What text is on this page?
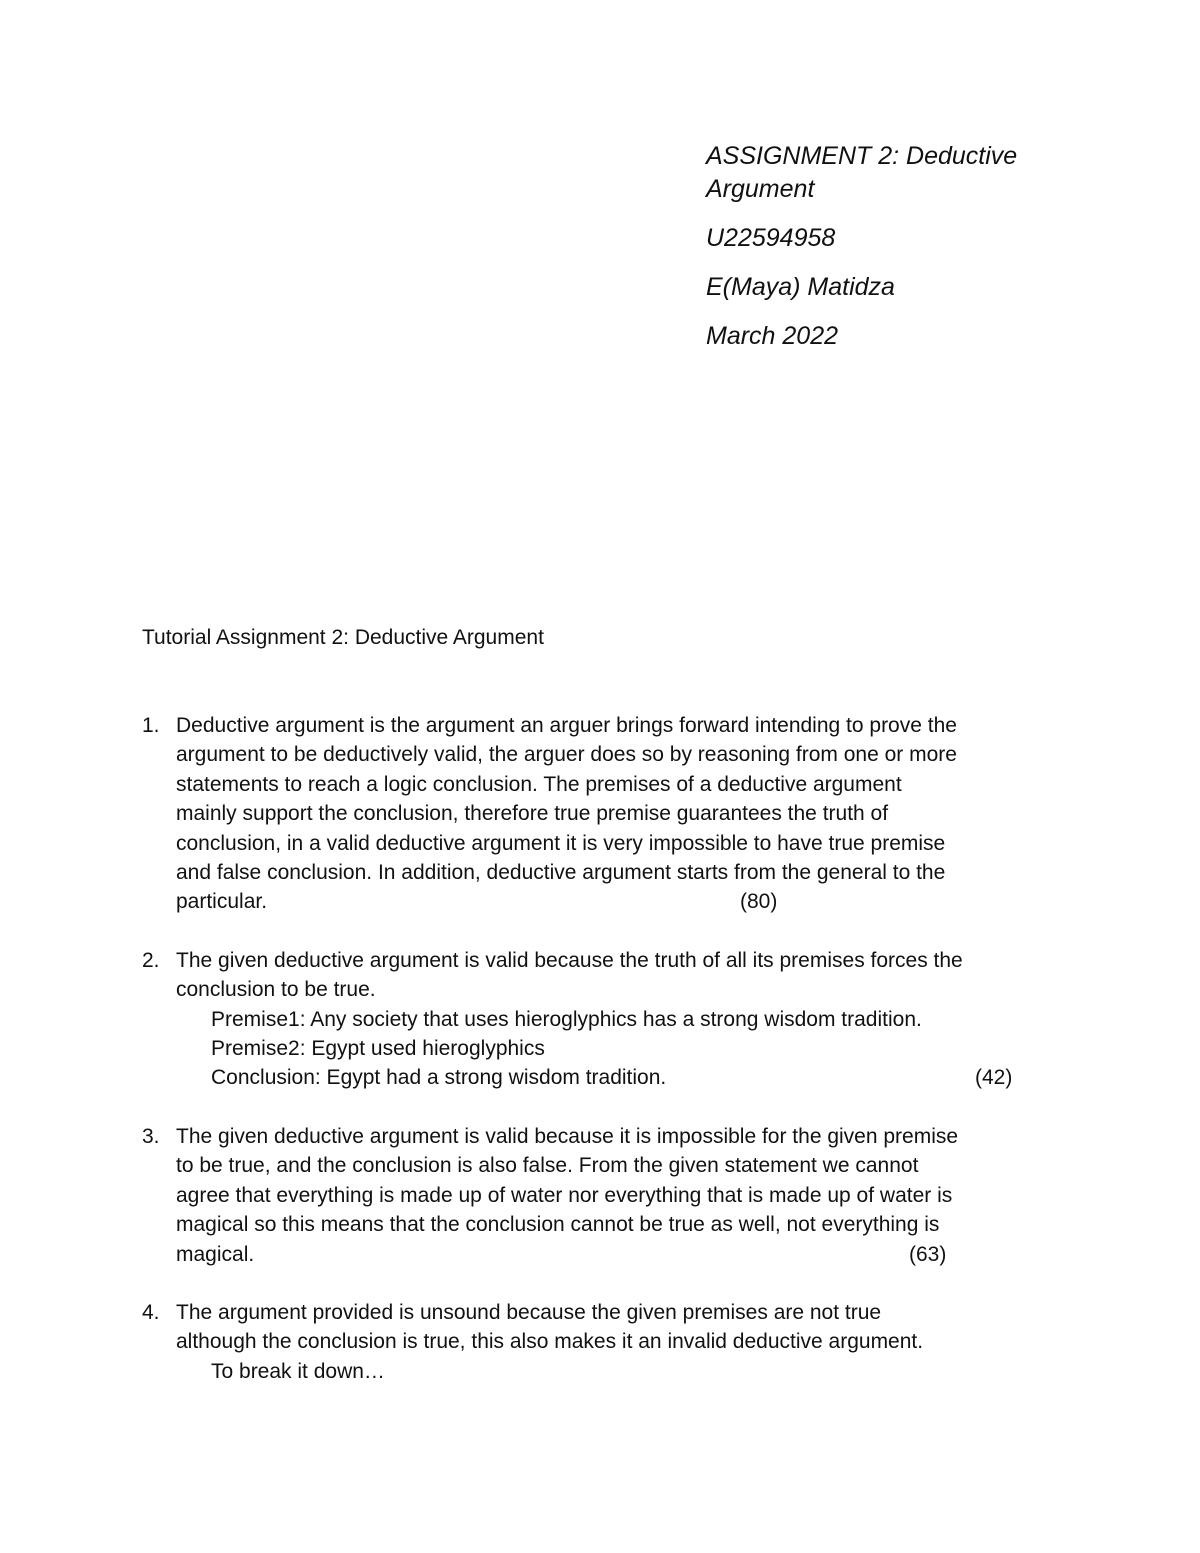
ASSIGNMENT 2: Deductive
Argument
U22594958
E(Maya) Matidza
March 2022

Tutorial Assignment 2: Deductive Argument

1. Deductive argument is the argument an arguer brings forward intending to prove the

argument to be deductively valid, the arguer does so by reasoning from one or more

statements to reach a logic conclusion. The premises of a deductive argument

mainly support the conclusion, therefore true premise guarantees the truth of

conclusion, in a valid deductive argument it is very impossible to have true premise

and false conclusion. In addition, deductive argument starts from the general to the

particular.	(80)

2. The given deductive argument is valid because the truth of all its premises forces the

conclusion to be true.

Premise1: Any society that uses hieroglyphics has a strong wisdom tradition.

Premise2: Egypt used hieroglyphics

Conclusion: Egypt had a strong wisdom tradition.	(42)

3. The given deductive argument is valid because it is impossible for the given premise

to be true, and the conclusion is also false. From the given statement we cannot

agree that everything is made up of water nor everything that is made up of water is

magical so this means that the conclusion cannot be true as well, not everything is

magical.	(63)

4. The argument provided is unsound because the given premises are not true

although the conclusion is true, this also makes it an invalid deductive argument.

To break it down…
